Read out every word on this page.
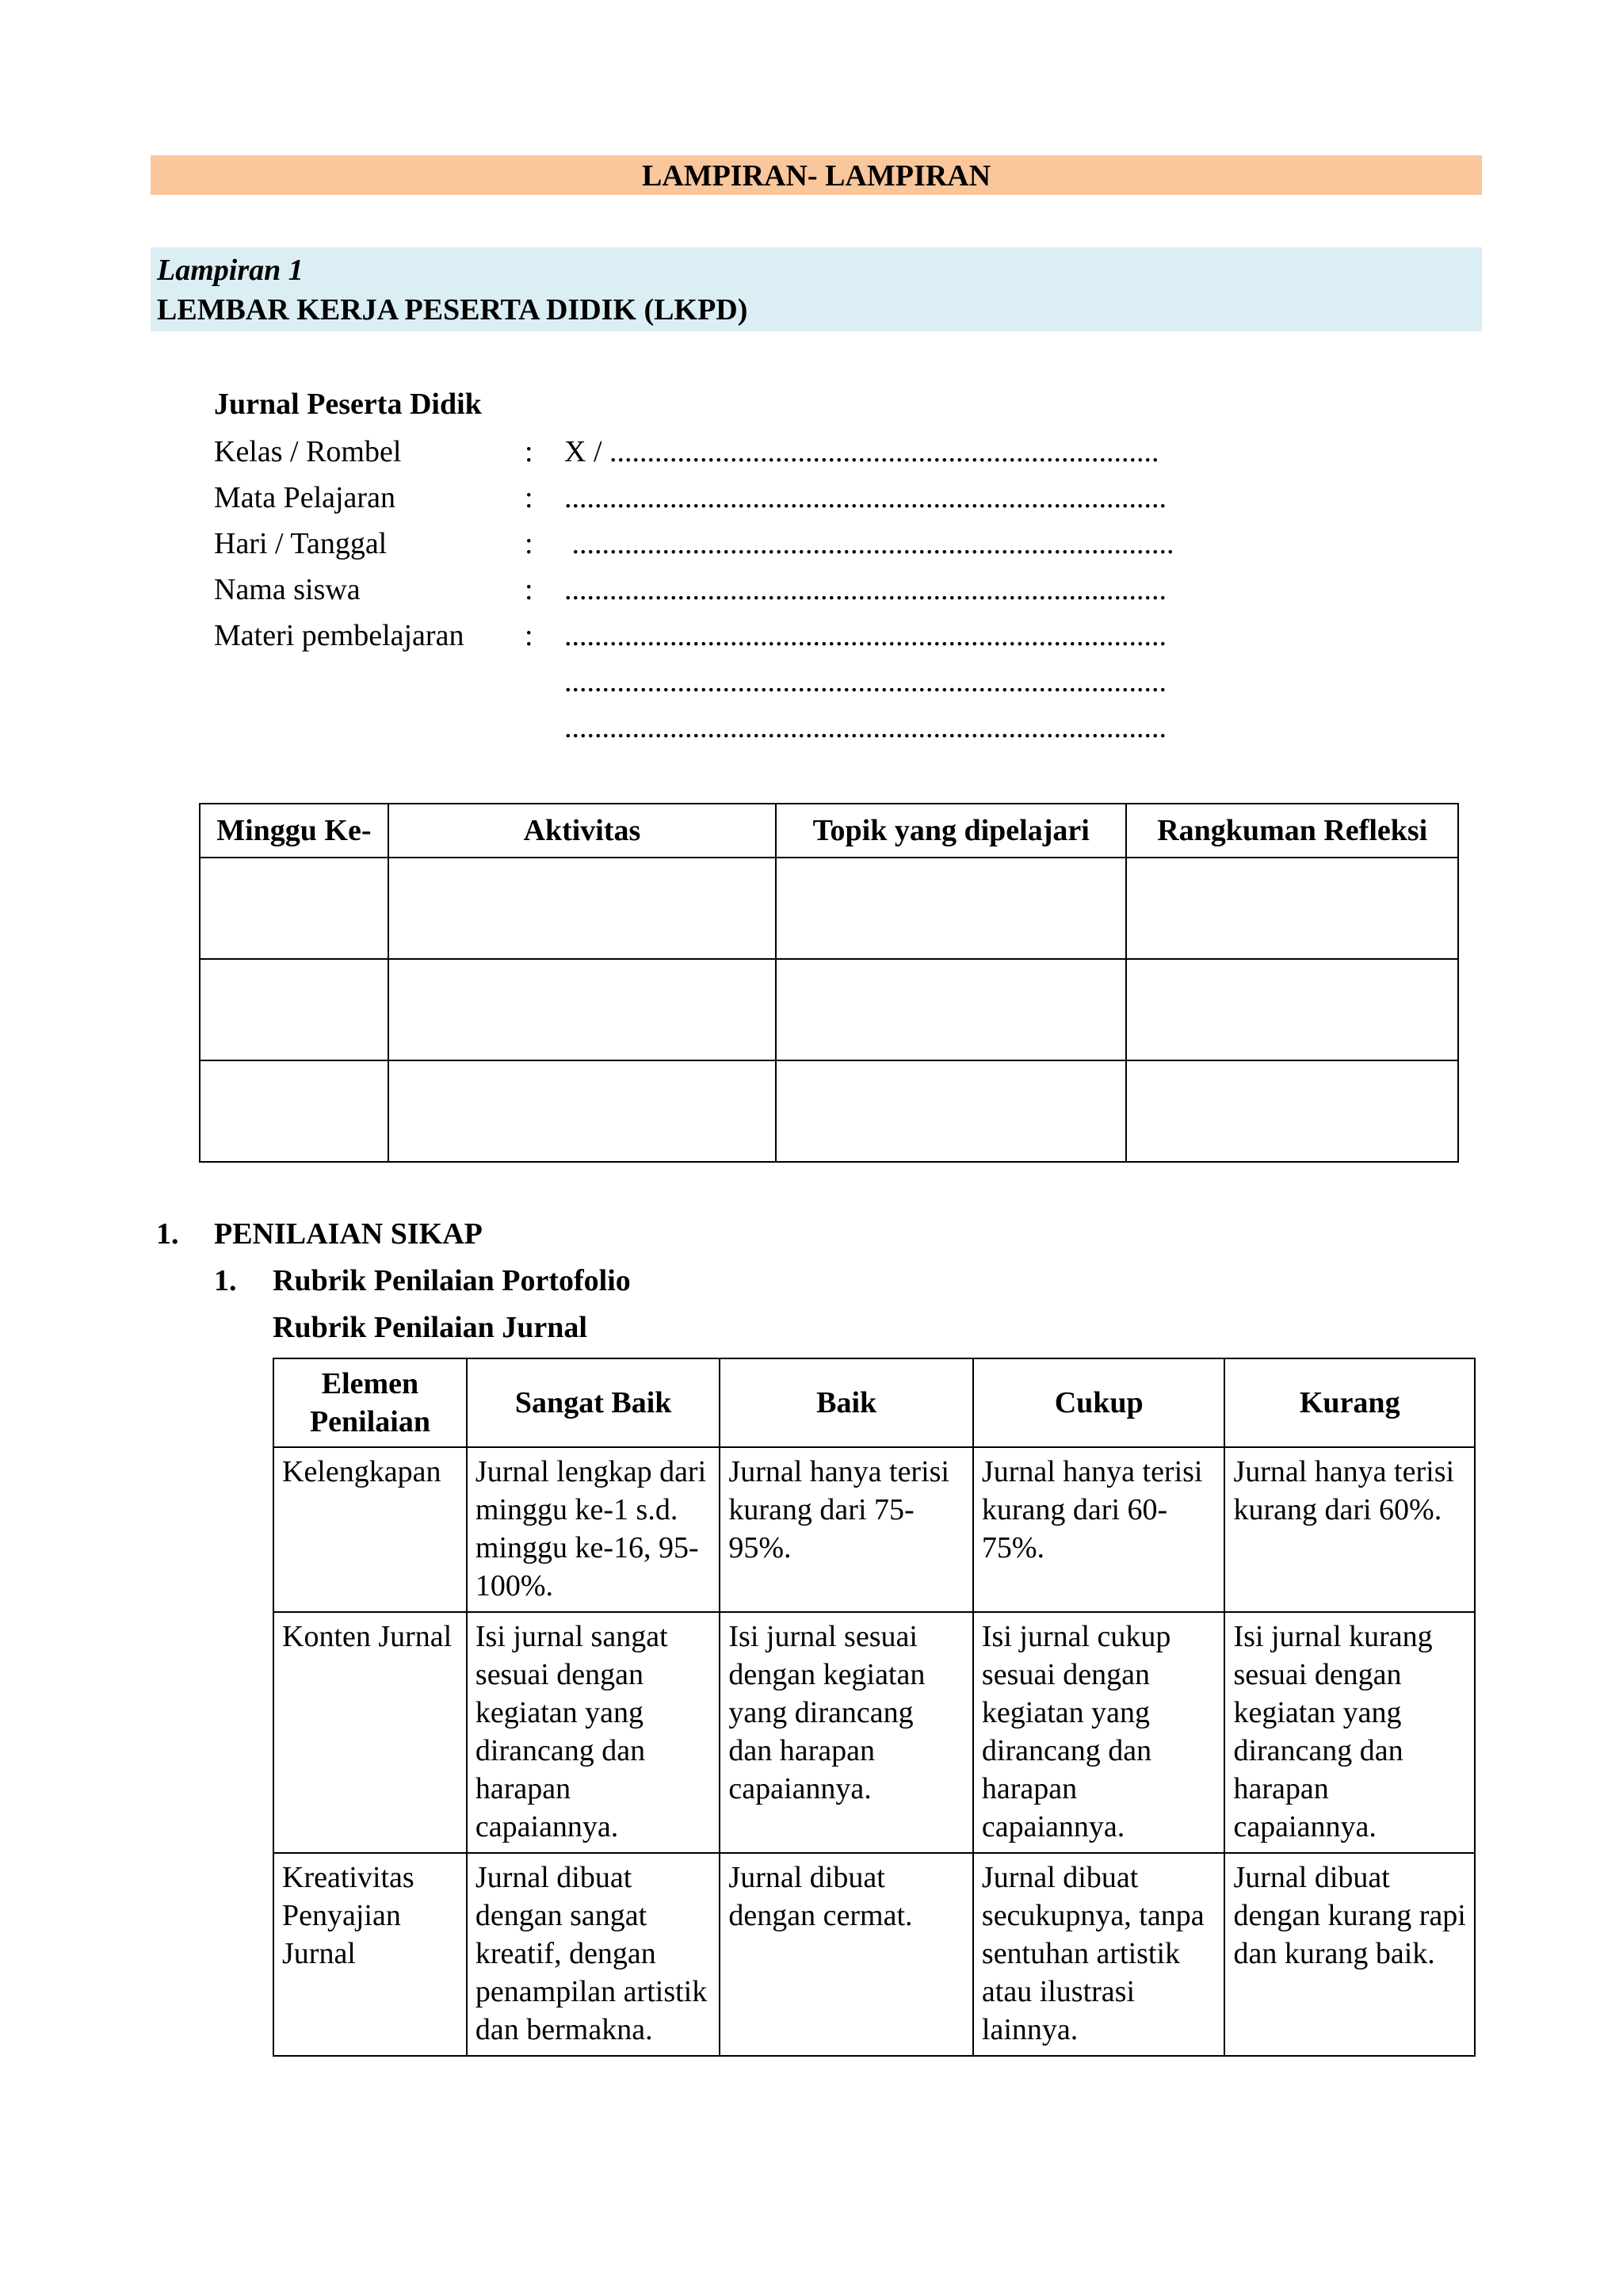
LAMPIRAN- LAMPIRAN
Lampiran 1
LEMBAR KERJA PESERTA DIDIK (LKPD)
Jurnal Peserta Didik
Kelas / Rombel	: X / .........................................................................
Mata Pelajaran	: ................................................................................
Hari / Tanggal	: ................................................................................
Nama siswa	: ................................................................................
Materi pembelajaran : ................................................................................
................................................................................
................................................................................
Minggu Ke-	Aktivitas	Topik yang dipelajari	Rangkuman Refleksi

1. PENILAIAN SIKAP
1. Rubrik Penilaian Portofolio
Rubrik Penilaian Jurnal
Elemen Penilaian	Sangat Baik	Baik	Cukup	Kurang
Kelengkapan	Jurnal lengkap dari minggu ke-1 s.d. minggu ke-16, 95-100%.	Jurnal hanya terisi kurang dari 75-95%.	Jurnal hanya terisi kurang dari 60-75%.	Jurnal hanya terisi kurang dari 60%.
Konten Jurnal	Isi jurnal sangat sesuai dengan kegiatan yang dirancang dan harapan capaiannya.	Isi jurnal sesuai dengan kegiatan yang dirancang dan harapan capaiannya.	Isi jurnal cukup sesuai dengan kegiatan yang dirancang dan harapan capaiannya.	Isi jurnal kurang sesuai dengan kegiatan yang dirancang dan harapan capaiannya.
Kreativitas Penyajian Jurnal	Jurnal dibuat dengan sangat kreatif, dengan penampilan artistik dan bermakna.	Jurnal dibuat dengan cermat.	Jurnal dibuat secukupnya, tanpa sentuhan artistik atau ilustrasi lainnya.	Jurnal dibuat dengan kurang rapi dan kurang baik.
